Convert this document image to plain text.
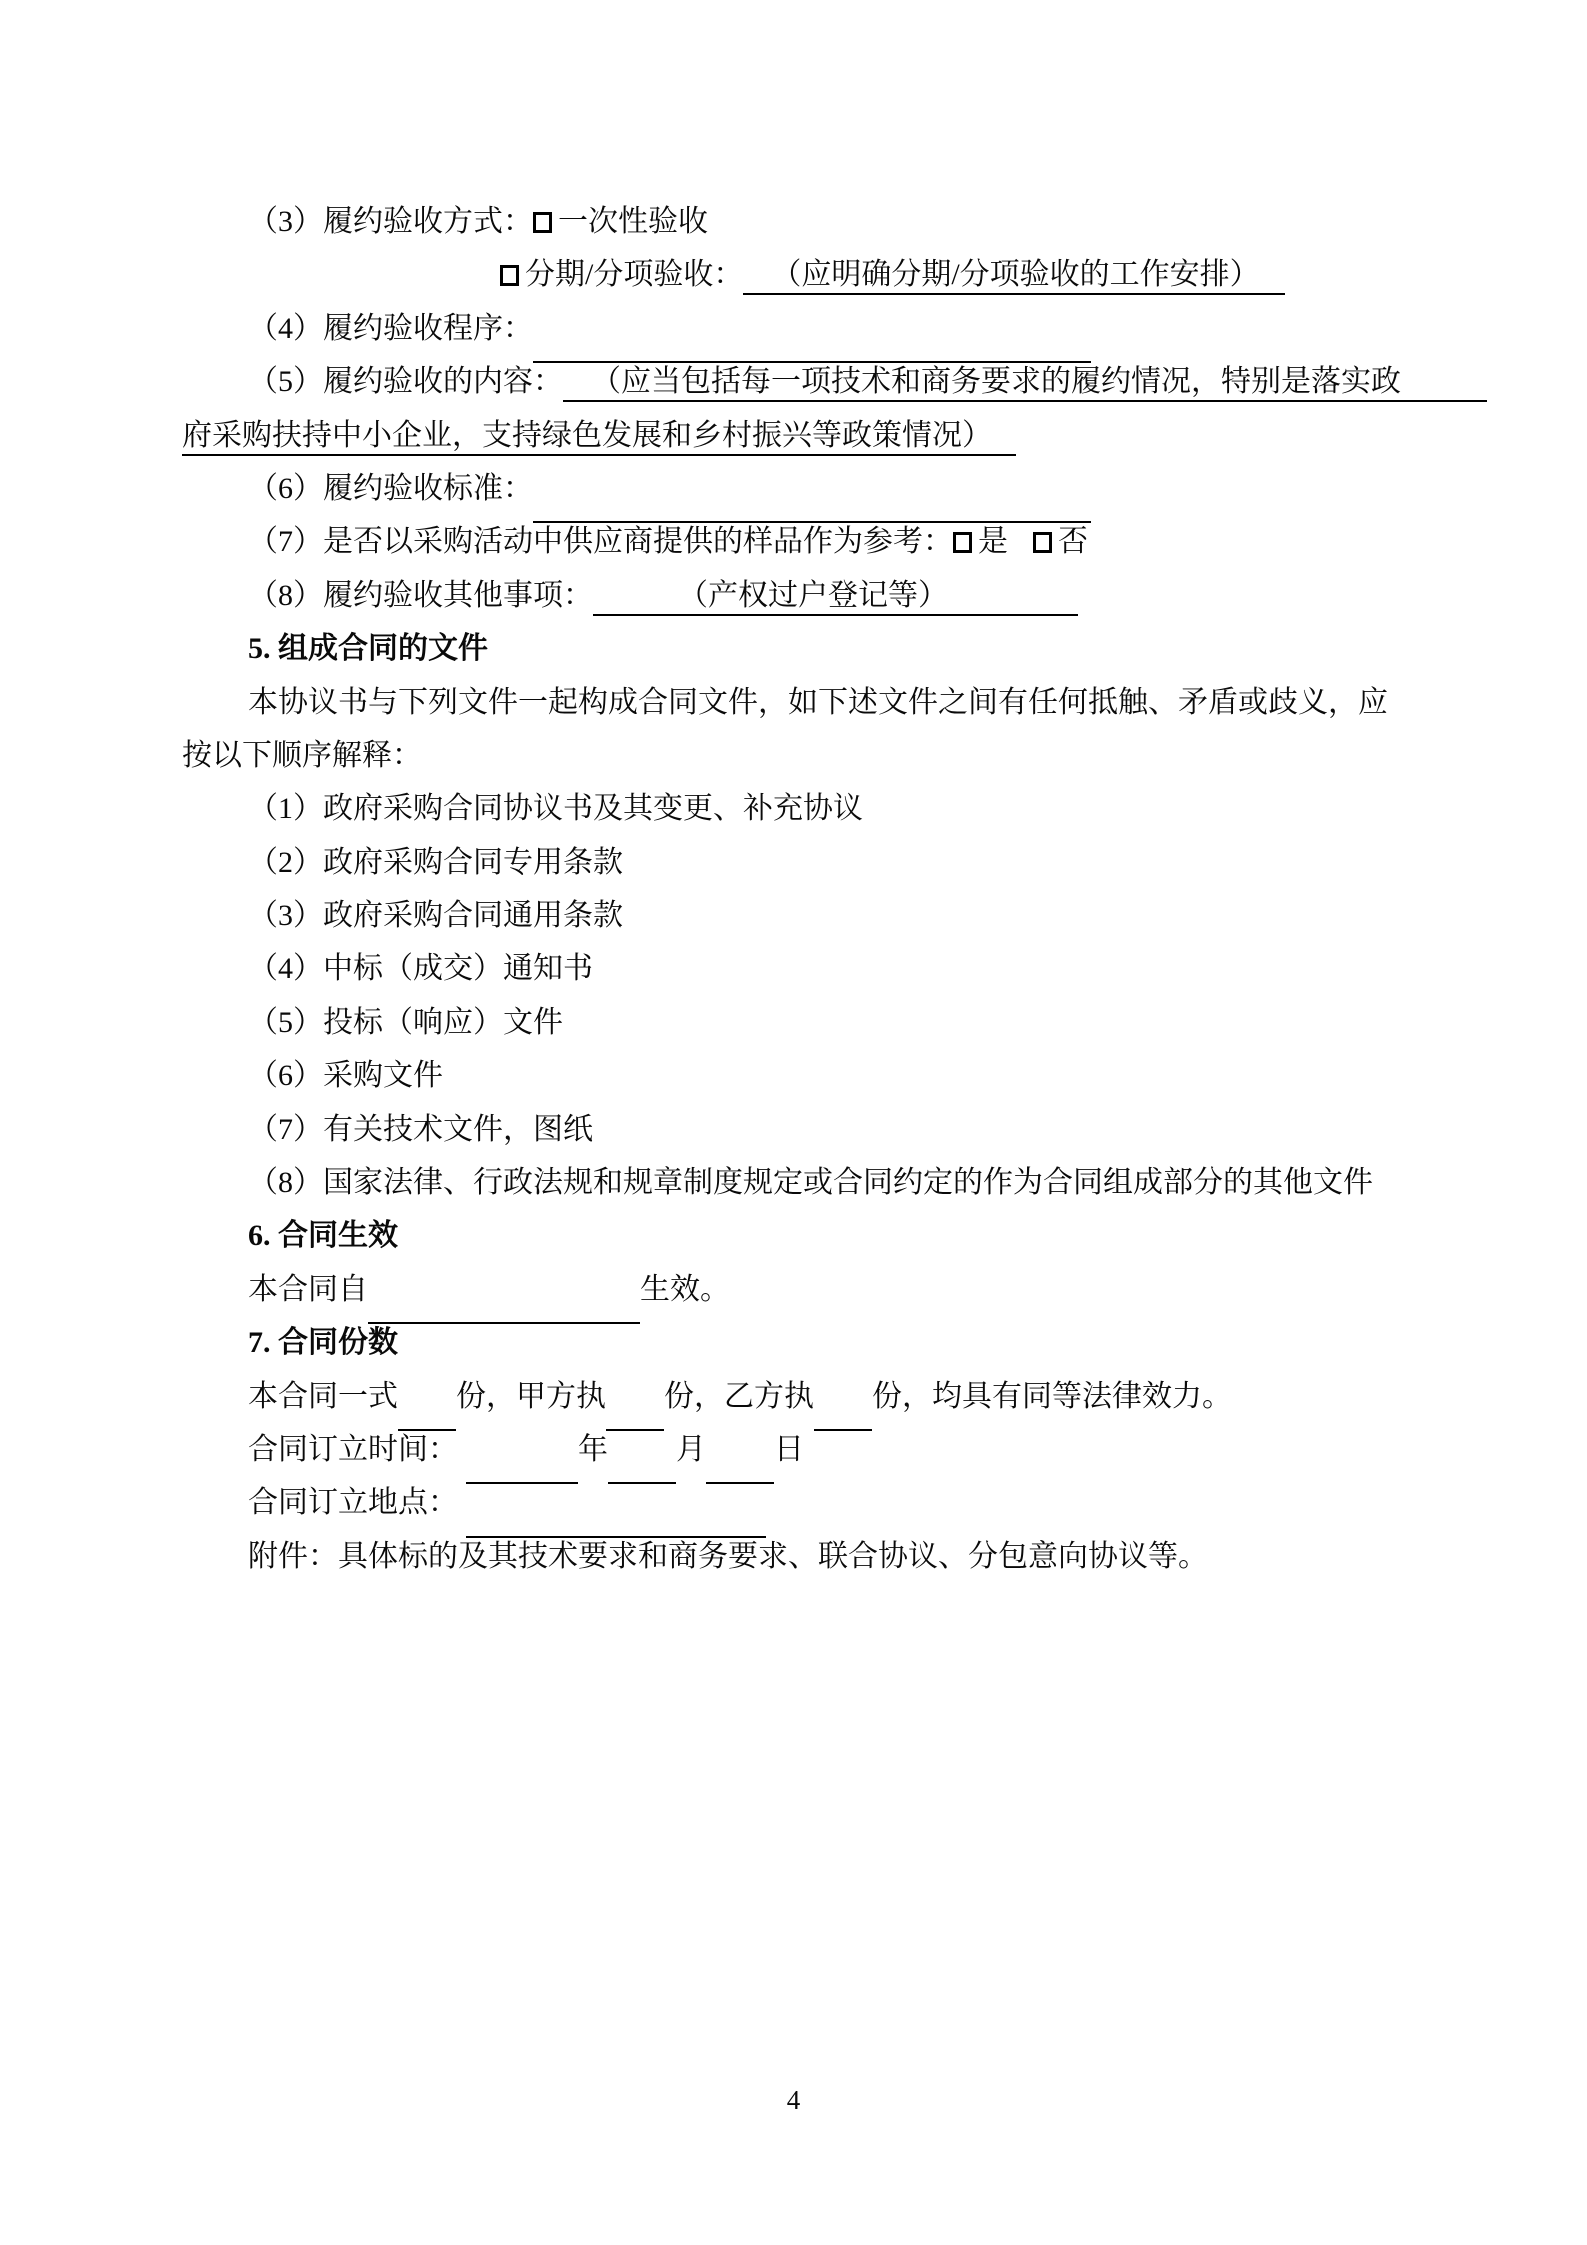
（3）履约验收方式： 一次性验收
分期/分项验收： （应明确分期/分项验收的工作安排）
（4）履约验收程序：
（5）履约验收的内容： （应当包括每一项技术和商务要求的履约情况，特别是落实政
府采购扶持中小企业，支持绿色发展和乡村振兴等政策情况）
（6）履约验收标准：
（7）是否以采购活动中供应商提供的样品作为参考： 是 否
（8）履约验收其他事项：	（产权过户登记等）
5. 组成合同的文件
本协议书与下列文件一起构成合同文件，如下述文件之间有任何抵触、矛盾或歧义，应
按以下顺序解释：
（1）政府采购合同协议书及其变更、补充协议
（2）政府采购合同专用条款
（3）政府采购合同通用条款
（4）中标（成交）通知书
（5）投标（响应）文件
（6）采购文件
（7）有关技术文件，图纸
（8）国家法律、行政法规和规章制度规定或合同约定的作为合同组成部分的其他文件
6. 合同生效
本合同自	生效。
7. 合同份数
本合同一式 份，甲方执 份，乙方执 份，均具有同等法律效力。
合同订立时间：	年 月 日
合同订立地点：
附件：具体标的及其技术要求和商务要求、联合协议、分包意向协议等。
4
